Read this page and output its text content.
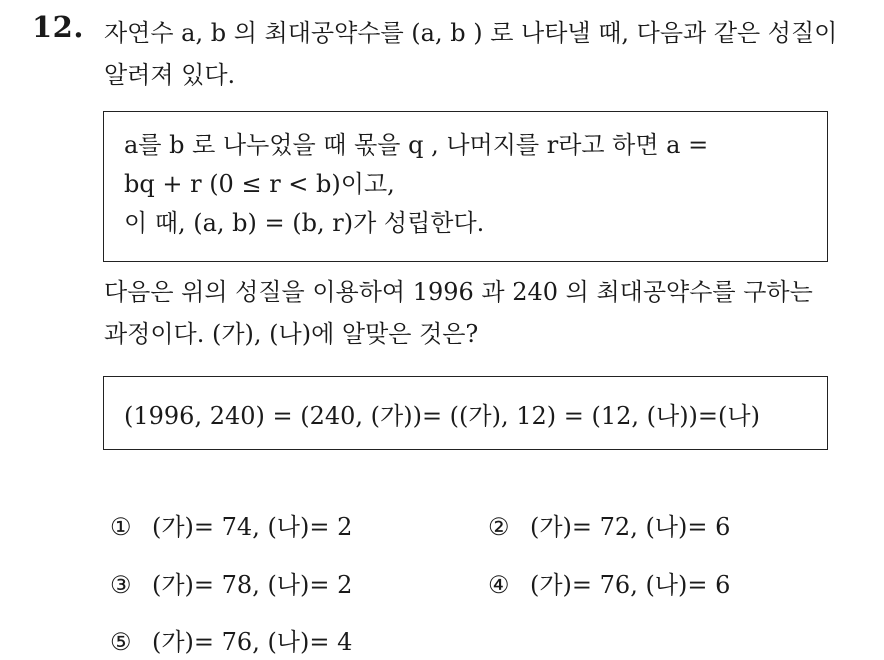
12. 자연수 a, b 의 최대공약수를 (a, b ) 로 나타낼 때, 다음과 같은 성질이
알려져 있다.
a를 b 로 나누었을 때 몫을 q , 나머지를 r라고 하면 a =
bq + r (0 ≤ r < b)이고,
이 때, (a, b) = (b, r)가 성립한다.
다음은 위의 성질을 이용하여 1996 과 240 의 최대공약수를 구하는
과정이다. (가), (나)에 알맞은 것은?
(1996, 240) = (240, (가))= ((가), 12) = (12, (나))=(나)
① (가)= 74, (나)= 2	② (가)= 72, (나)= 6
③ (가)= 78, (나)= 2	④ (가)= 76, (나)= 6
⑤ (가)= 76, (나)= 4
